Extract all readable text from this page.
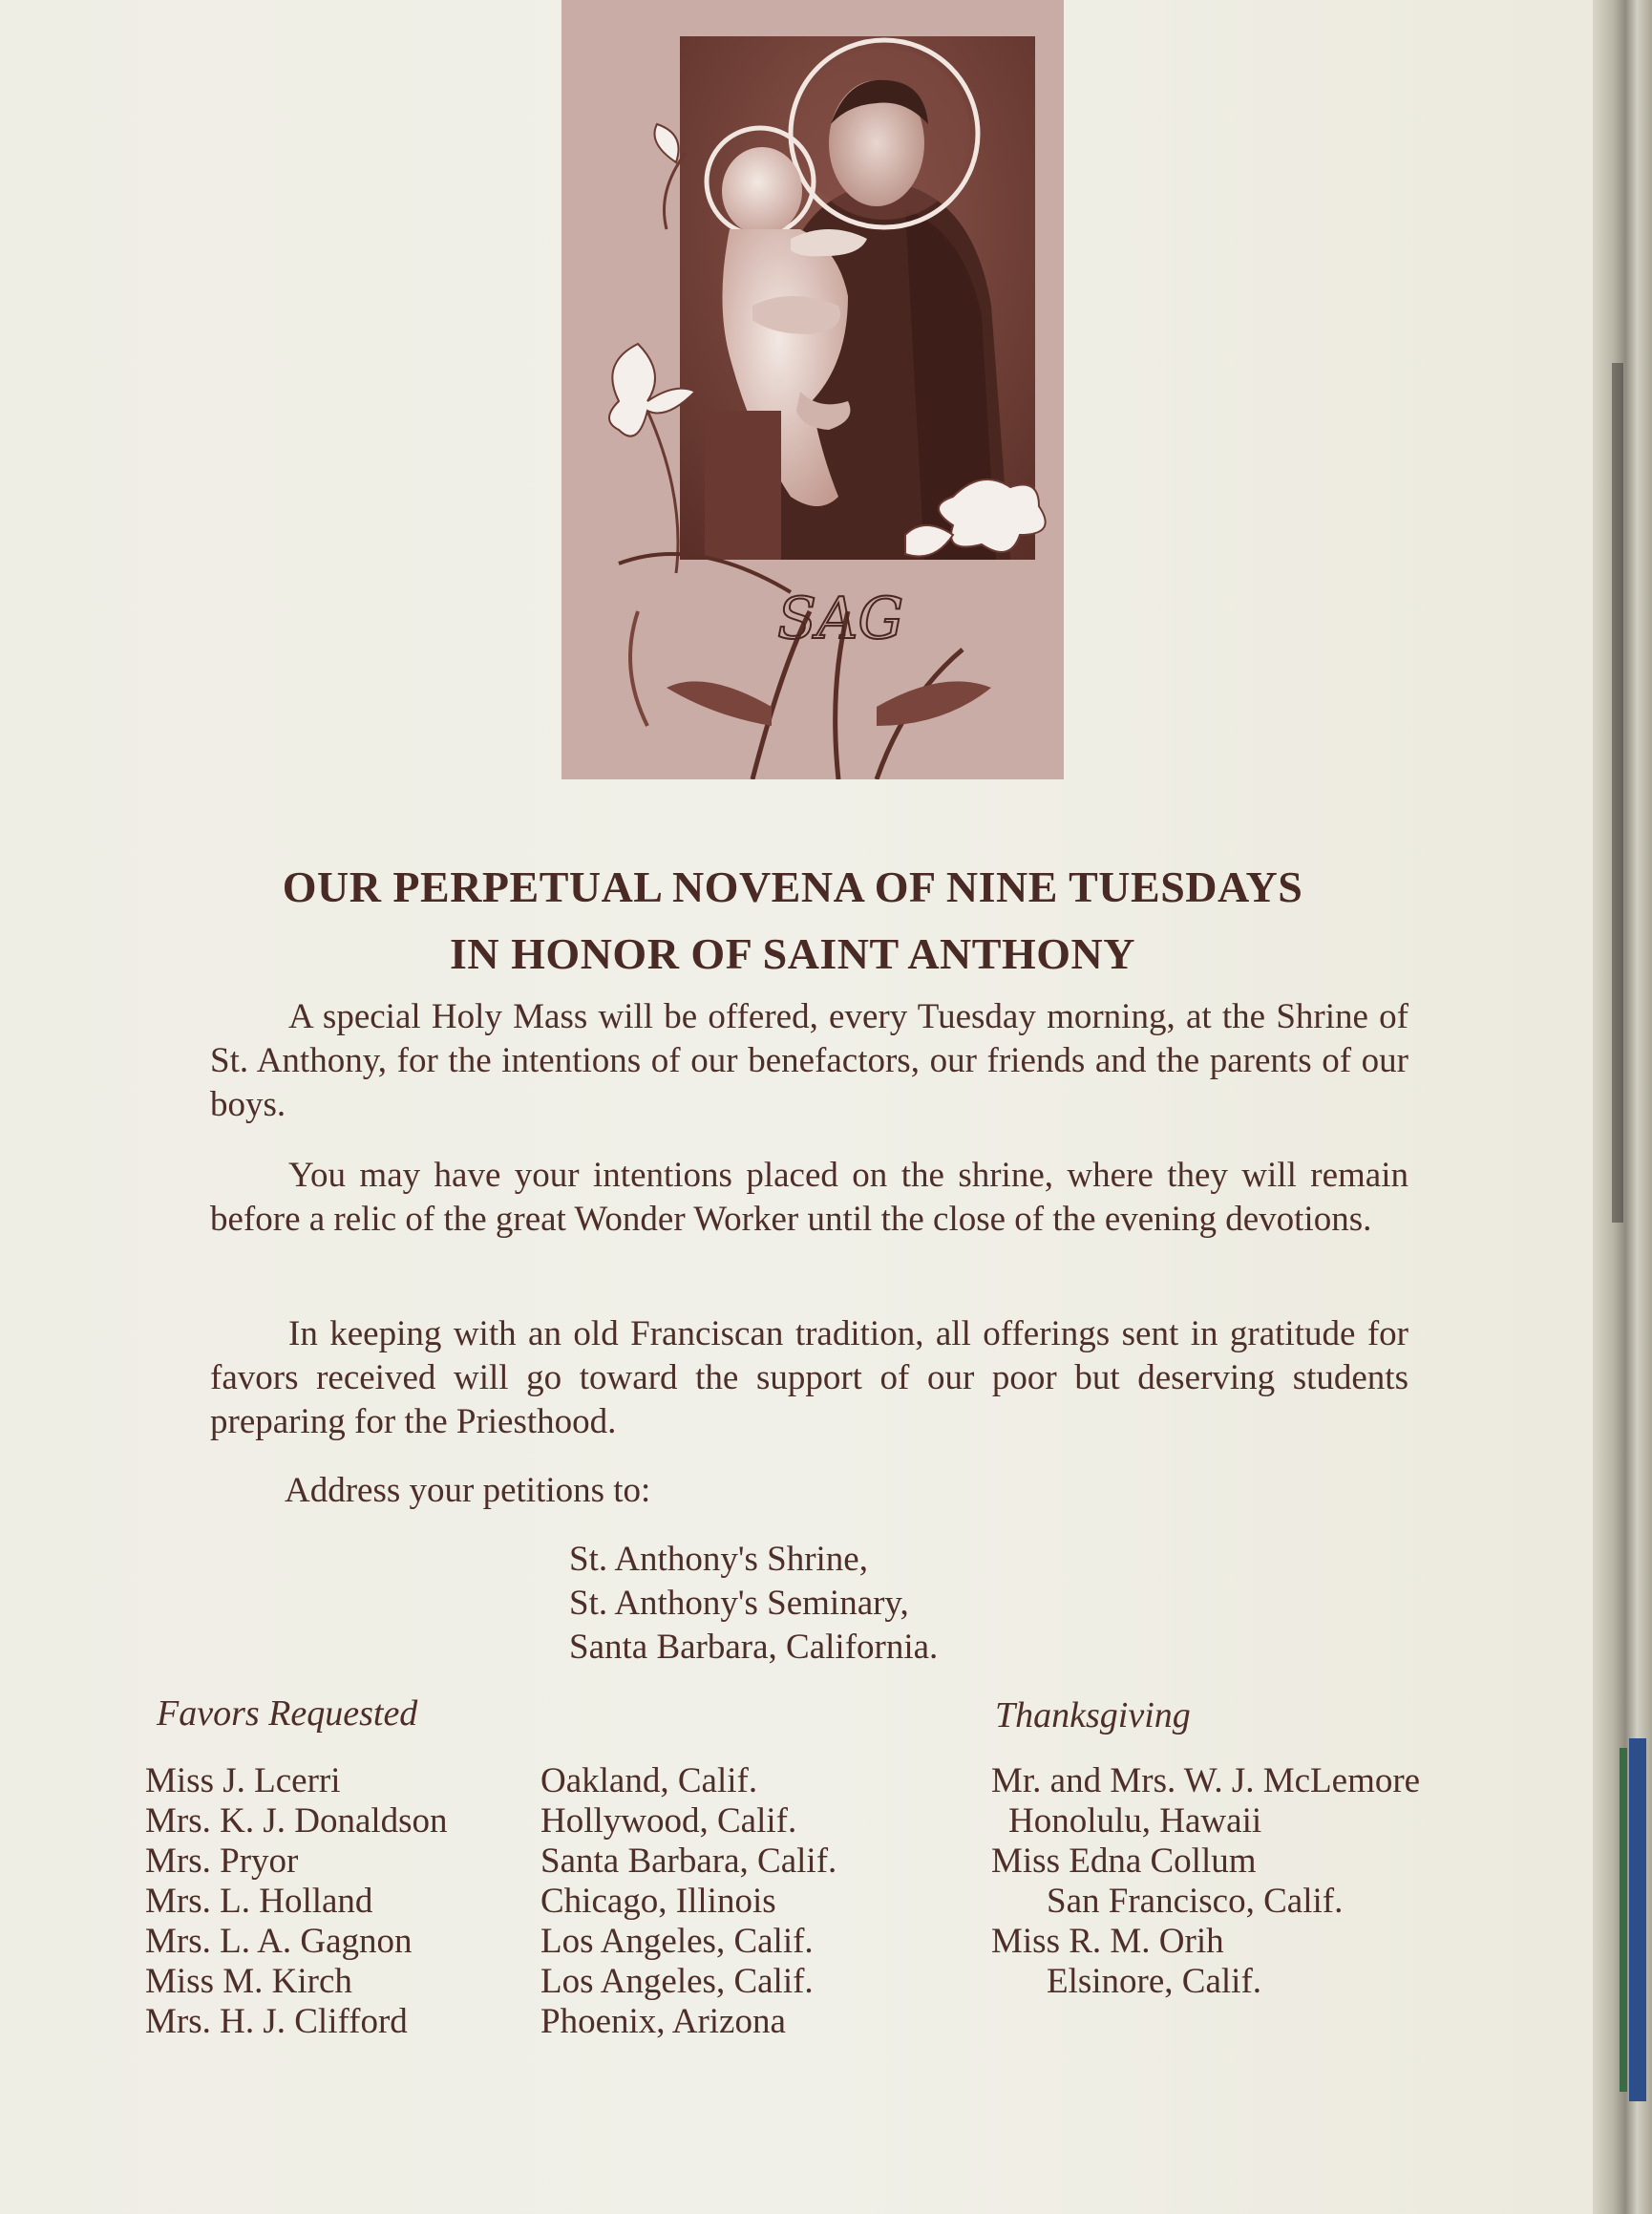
SAG
OUR PERPETUAL NOVENA OF NINE TUESDAYS
IN HONOR OF SAINT ANTHONY
A special Holy Mass will be offered, every Tuesday morning, at the Shrine of St. Anthony, for the intentions of our benefactors, our friends and the parents of our boys.
You may have your intentions placed on the shrine, where they will remain before a relic of the great Wonder Worker until the close of the evening devotions.
In keeping with an old Franciscan tradition, all offerings sent in gratitude for favors received will go toward the support of our poor but deserving students preparing for the Priesthood.
Address your petitions to:
St. Anthony's Shrine,
St. Anthony's Seminary,
Santa Barbara, California.
Favors Requested	Thanksgiving
Miss J. Lcerri
Mrs. K. J. Donaldson
Mrs. Pryor
Mrs. L. Holland
Mrs. L. A. Gagnon
Miss M. Kirch
Mrs. H. J. Clifford
Oakland, Calif.
Hollywood, Calif.
Santa Barbara, Calif.
Chicago, Illinois
Los Angeles, Calif.
Los Angeles, Calif.
Phoenix, Arizona
Mr. and Mrs. W. J. McLemore
Honolulu, Hawaii
Miss Edna Collum
San Francisco, Calif.
Miss R. M. Orih
Elsinore, Calif.
